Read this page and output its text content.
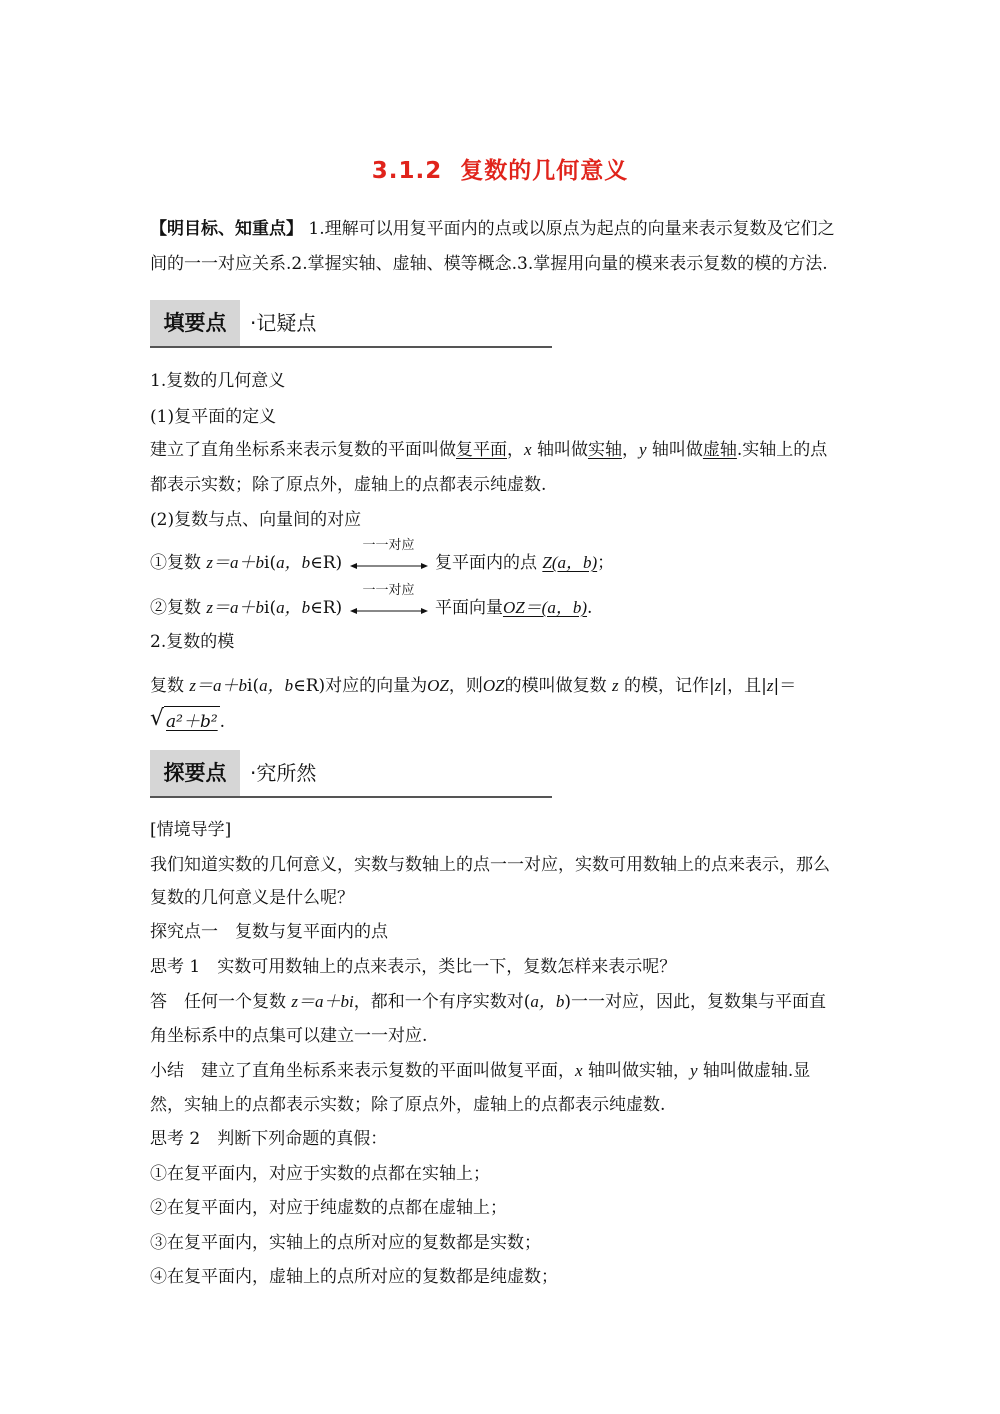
3.1.2 复数的几何意义
【明目标、知重点】 1.理解可以用复平面内的点或以原点为起点的向量来表示复数及它们之
间的一一对应关系.2.掌握实轴、虚轴、模等概念.3.掌握用向量的模来表示复数的模的方法.
填要点	·记疑点
1.复数的几何意义
(1)复平面的定义
建立了直角坐标系来表示复数的平面叫做复平面，x 轴叫做实轴，y 轴叫做虚轴.实轴上的点
都表示实数；除了原点外，虚轴上的点都表示纯虚数.
(2)复数与点、向量间的对应
①复数 z＝a＋bi(a，b∈R)
一一对应
复平面内的点 Z(a，b)；
②复数 z＝a＋bi(a，b∈R)
一一对应
平面向量OZ＝(a，b).
2.复数的模
复数 z＝a＋bi(a，b∈R)对应的向量为OZ，则OZ的模叫做复数 z 的模，记作|z|，且|z|＝
√ a²＋b² .
探要点	·究所然
[情境导学]
我们知道实数的几何意义，实数与数轴上的点一一对应，实数可用数轴上的点来表示，那么
复数的几何意义是什么呢？
探究点一　复数与复平面内的点
思考 1　实数可用数轴上的点来表示，类比一下，复数怎样来表示呢？
答　任何一个复数 z＝a＋bi，都和一个有序实数对(a，b)一一对应，因此，复数集与平面直
角坐标系中的点集可以建立一一对应.
小结　建立了直角坐标系来表示复数的平面叫做复平面，x 轴叫做实轴，y 轴叫做虚轴.显
然，实轴上的点都表示实数；除了原点外，虚轴上的点都表示纯虚数.
思考 2　判断下列命题的真假：
①在复平面内，对应于实数的点都在实轴上；
②在复平面内，对应于纯虚数的点都在虚轴上；
③在复平面内，实轴上的点所对应的复数都是实数；
④在复平面内，虚轴上的点所对应的复数都是纯虚数；
